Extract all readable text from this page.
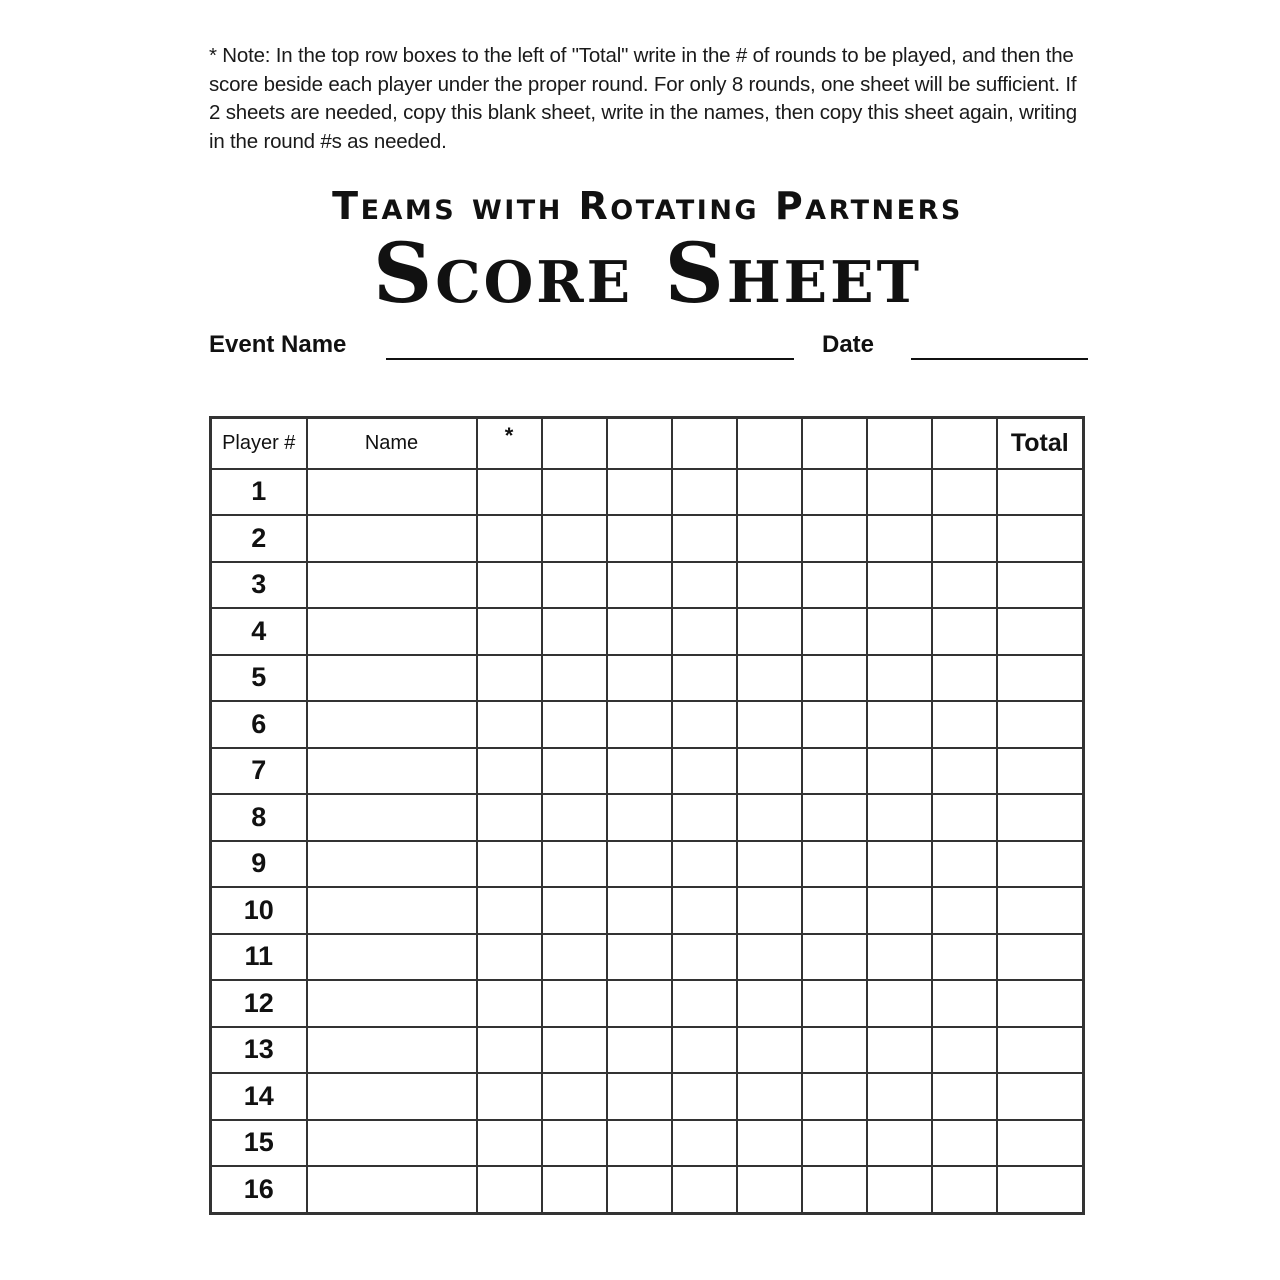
* Note: In the top row boxes to the left of "Total" write in the # of rounds to be played, and then the score beside each player under the proper round. For only 8 rounds, one sheet will be sufficient. If 2 sheets are needed, copy this blank sheet, write in the names, then copy this sheet again, writing in the round #s as needed.
Teams with Rotating Partners
Score Sheet
Event Name	Date
Player #	Name	*								Total
1										
2										
3										
4										
5										
6										
7										
8										
9										
10										
11										
12										
13										
14										
15										
16										
